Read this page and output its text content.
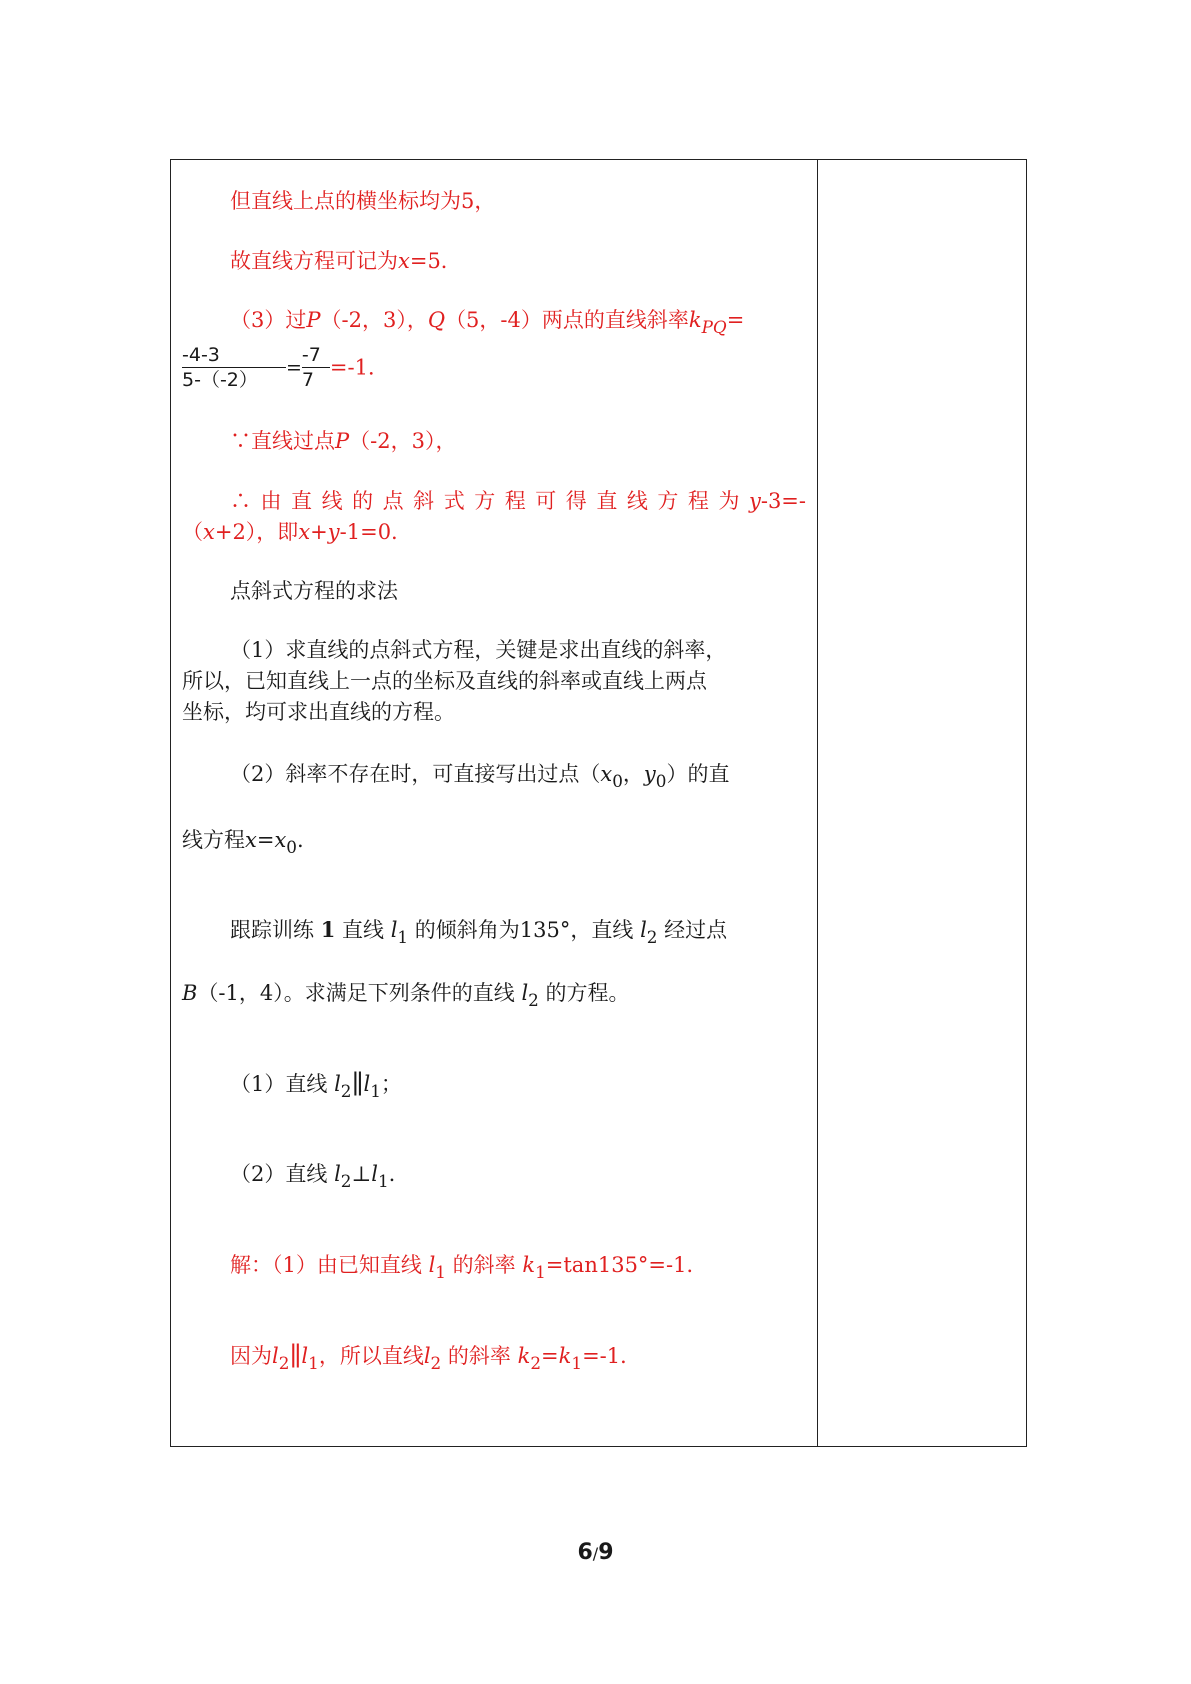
但直线上点的横坐标均为5，
故直线方程可记为x=5．
（3）过P（-2，3），Q（5，-4）两点的直线斜率$k_{PQ}=$
$\frac{-4-3}{5-(-2)} = \frac{-7}{7} =-1$．
∵直线过点P（-2，3），
∴由直线的点斜式方程可得直线方程为y-3=-
（x+2），即x+y-1=0.
点斜式方程的求法
（1）求直线的点斜式方程，关键是求出直线的斜率，
所以，已知直线上一点的坐标及直线的斜率或直线上两点
坐标，均可求出直线的方程。
（2）斜率不存在时，可直接写出过点（$x_0$，$y_0$）的直
线方程$x=x_0$.
跟踪训练 1 直线 $l_1$ 的倾斜角为135°，直线 $l_2$ 经过点
B（-1，4）。求满足下列条件的直线 $l_2$ 的方程。
（1）直线 $l_2\parallel l_1$；
（2）直线 $l_2\perp l_1$.
解：（1）由已知直线 $l_1$ 的斜率 $k_1=\tan 135^\circ=-1$．
因为$l_2\parallel l_1$，所以直线$l_2$ 的斜率 $k_2=k_1=-1$．
6/9
